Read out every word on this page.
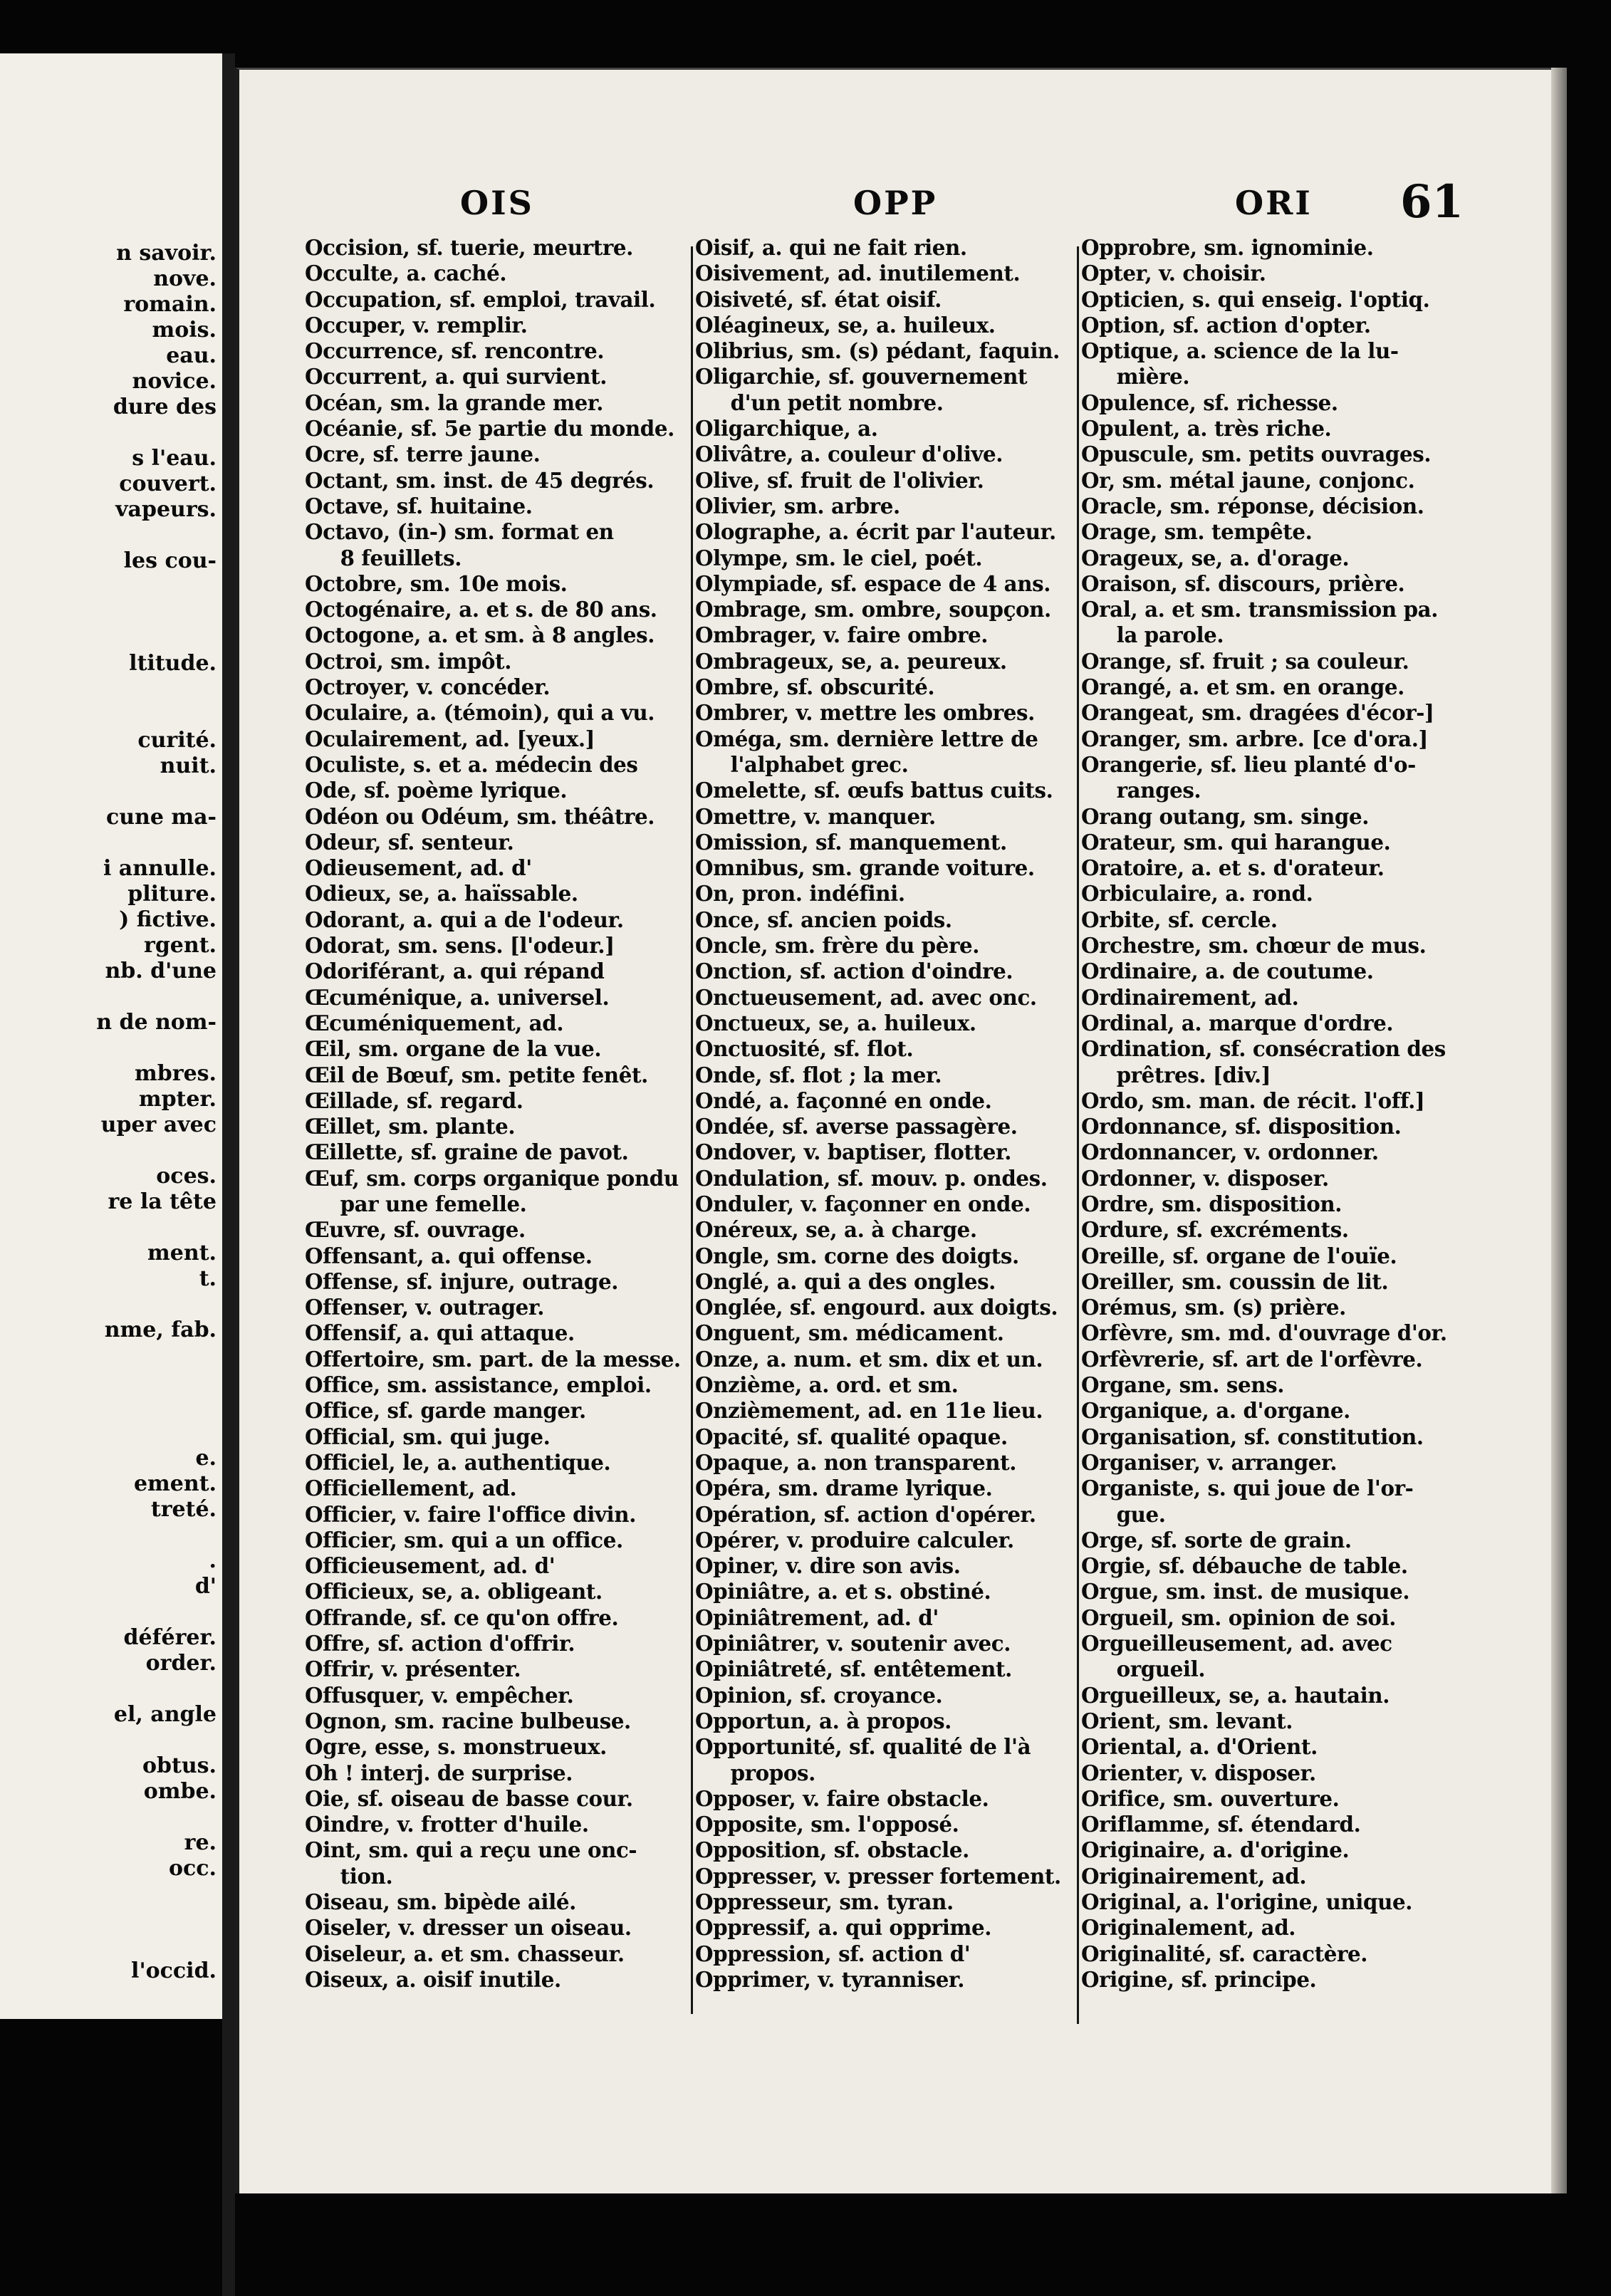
n savoir.
nove.
romain.
mois.
eau.
novice.
dure des
s l'eau.
couvert.
vapeurs.
les cou-
ltitude.
curité.
nuit.
cune ma-
i annulle.
pliture.
) fictive.
rgent.
nb. d'une
n de nom-
mbres.
mpter.
uper avec
oces.
re la tête
ment.
t.
nme, fab.
e.
ement.
treté.
.
d'
déférer.
order.
el, angle
obtus.
ombe.
re.
occ.
l'occid.
OIS	OPP	ORI 61
Occision, sf. tuerie, meurtre.
Occulte, a. caché.
Occupation, sf. emploi, travail.
Occuper, v. remplir.
Occurrence, sf. rencontre.
Occurrent, a. qui survient.
Océan, sm. la grande mer.
Océanie, sf. 5e partie du monde.
Ocre, sf. terre jaune.
Octant, sm. inst. de 45 degrés.
Octave, sf. huitaine.
Octavo, (in-) sm. format en
8 feuillets.
Octobre, sm. 10e mois.
Octogénaire, a. et s. de 80 ans.
Octogone, a. et sm. à 8 angles.
Octroi, sm. impôt.
Octroyer, v. concéder.
Oculaire, a. (témoin), qui a vu.
Oculairement, ad. [yeux.]
Oculiste, s. et a. médecin des
Ode, sf. poème lyrique.
Odéon ou Odéum, sm. théâtre.
Odeur, sf. senteur.
Odieusement, ad. d'
Odieux, se, a. haïssable.
Odorant, a. qui a de l'odeur.
Odorat, sm. sens. [l'odeur.]
Odoriférant, a. qui répand
Œcuménique, a. universel.
Œcuméniquement, ad.
Œil, sm. organe de la vue.
Œil de Bœuf, sm. petite fenêt.
Œillade, sf. regard.
Œillet, sm. plante.
Œillette, sf. graine de pavot.
Œuf, sm. corps organique pondu
par une femelle.
Œuvre, sf. ouvrage.
Offensant, a. qui offense.
Offense, sf. injure, outrage.
Offenser, v. outrager.
Offensif, a. qui attaque.
Offertoire, sm. part. de la messe.
Office, sm. assistance, emploi.
Office, sf. garde manger.
Official, sm. qui juge.
Officiel, le, a. authentique.
Officiellement, ad.
Officier, v. faire l'office divin.
Officier, sm. qui a un office.
Officieusement, ad. d'
Officieux, se, a. obligeant.
Offrande, sf. ce qu'on offre.
Offre, sf. action d'offrir.
Offrir, v. présenter.
Offusquer, v. empêcher.
Ognon, sm. racine bulbeuse.
Ogre, esse, s. monstrueux.
Oh ! interj. de surprise.
Oie, sf. oiseau de basse cour.
Oindre, v. frotter d'huile.
Oint, sm. qui a reçu une onc-
tion.
Oiseau, sm. bipède ailé.
Oiseler, v. dresser un oiseau.
Oiseleur, a. et sm. chasseur.
Oiseux, a. oisif inutile.
Oisif, a. qui ne fait rien.
Oisivement, ad. inutilement.
Oisiveté, sf. état oisif.
Oléagineux, se, a. huileux.
Olibrius, sm. (s) pédant, faquin.
Oligarchie, sf. gouvernement
d'un petit nombre.
Oligarchique, a.
Olivâtre, a. couleur d'olive.
Olive, sf. fruit de l'olivier.
Olivier, sm. arbre.
Olographe, a. écrit par l'auteur.
Olympe, sm. le ciel, poét.
Olympiade, sf. espace de 4 ans.
Ombrage, sm. ombre, soupçon.
Ombrager, v. faire ombre.
Ombrageux, se, a. peureux.
Ombre, sf. obscurité.
Ombrer, v. mettre les ombres.
Oméga, sm. dernière lettre de
l'alphabet grec.
Omelette, sf. œufs battus cuits.
Omettre, v. manquer.
Omission, sf. manquement.
Omnibus, sm. grande voiture.
On, pron. indéfini.
Once, sf. ancien poids.
Oncle, sm. frère du père.
Onction, sf. action d'oindre.
Onctueusement, ad. avec onc.
Onctueux, se, a. huileux.
Onctuosité, sf. flot.
Onde, sf. flot ; la mer.
Ondé, a. façonné en onde.
Ondée, sf. averse passagère.
Ondover, v. baptiser, flotter.
Ondulation, sf. mouv. p. ondes.
Onduler, v. façonner en onde.
Onéreux, se, a. à charge.
Ongle, sm. corne des doigts.
Onglé, a. qui a des ongles.
Onglée, sf. engourd. aux doigts.
Onguent, sm. médicament.
Onze, a. num. et sm. dix et un.
Onzième, a. ord. et sm.
Onzièmement, ad. en 11e lieu.
Opacité, sf. qualité opaque.
Opaque, a. non transparent.
Opéra, sm. drame lyrique.
Opération, sf. action d'opérer.
Opérer, v. produire calculer.
Opiner, v. dire son avis.
Opiniâtre, a. et s. obstiné.
Opiniâtrement, ad. d'
Opiniâtrer, v. soutenir avec.
Opiniâtreté, sf. entêtement.
Opinion, sf. croyance.
Opportun, a. à propos.
Opportunité, sf. qualité de l'à
propos.
Opposer, v. faire obstacle.
Opposite, sm. l'opposé.
Opposition, sf. obstacle.
Oppresser, v. presser fortement.
Oppresseur, sm. tyran.
Oppressif, a. qui opprime.
Oppression, sf. action d'
Opprimer, v. tyranniser.
Opprobre, sm. ignominie.
Opter, v. choisir.
Opticien, s. qui enseig. l'optiq.
Option, sf. action d'opter.
Optique, a. science de la lu-
mière.
Opulence, sf. richesse.
Opulent, a. très riche.
Opuscule, sm. petits ouvrages.
Or, sm. métal jaune, conjonc.
Oracle, sm. réponse, décision.
Orage, sm. tempête.
Orageux, se, a. d'orage.
Oraison, sf. discours, prière.
Oral, a. et sm. transmission pa.
la parole.
Orange, sf. fruit ; sa couleur.
Orangé, a. et sm. en orange.
Orangeat, sm. dragées d'écor-]
Oranger, sm. arbre. [ce d'ora.]
Orangerie, sf. lieu planté d'o-
ranges.
Orang outang, sm. singe.
Orateur, sm. qui harangue.
Oratoire, a. et s. d'orateur.
Orbiculaire, a. rond.
Orbite, sf. cercle.
Orchestre, sm. chœur de mus.
Ordinaire, a. de coutume.
Ordinairement, ad.
Ordinal, a. marque d'ordre.
Ordination, sf. consécration des
prêtres. [div.]
Ordo, sm. man. de récit. l'off.]
Ordonnance, sf. disposition.
Ordonnancer, v. ordonner.
Ordonner, v. disposer.
Ordre, sm. disposition.
Ordure, sf. excréments.
Oreille, sf. organe de l'ouïe.
Oreiller, sm. coussin de lit.
Orémus, sm. (s) prière.
Orfèvre, sm. md. d'ouvrage d'or.
Orfèvrerie, sf. art de l'orfèvre.
Organe, sm. sens.
Organique, a. d'organe.
Organisation, sf. constitution.
Organiser, v. arranger.
Organiste, s. qui joue de l'or-
gue.
Orge, sf. sorte de grain.
Orgie, sf. débauche de table.
Orgue, sm. inst. de musique.
Orgueil, sm. opinion de soi.
Orgueilleusement, ad. avec
orgueil.
Orgueilleux, se, a. hautain.
Orient, sm. levant.
Oriental, a. d'Orient.
Orienter, v. disposer.
Orifice, sm. ouverture.
Oriflamme, sf. étendard.
Originaire, a. d'origine.
Originairement, ad.
Original, a. l'origine, unique.
Originalement, ad.
Originalité, sf. caractère.
Origine, sf. principe.
